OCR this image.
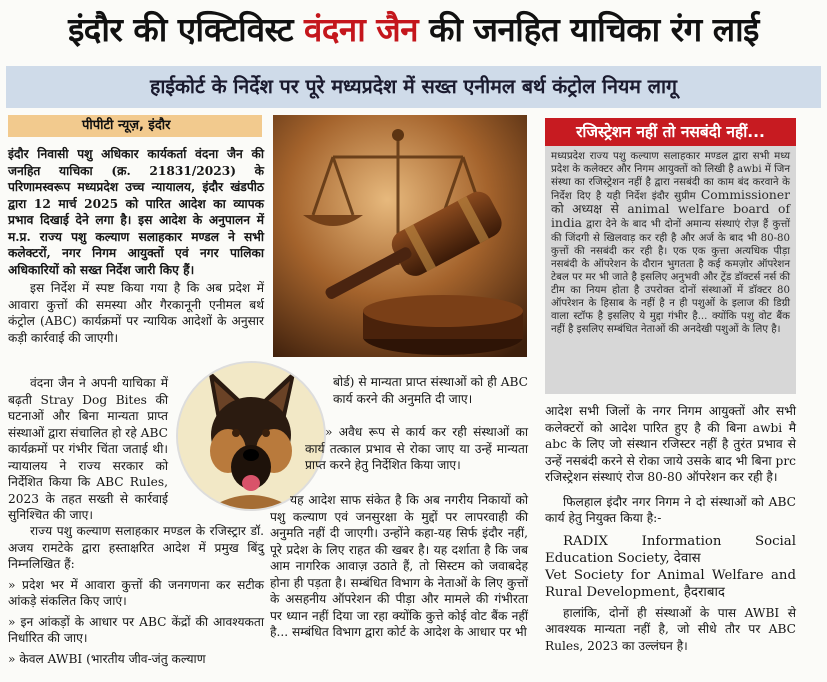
इंदौर की एक्टिविस्ट वंदना जैन की जनहित याचिका रंग लाई
हाईकोर्ट के निर्देश पर पूरे मध्यप्रदेश में सख्त एनीमल बर्थ कंट्रोल नियम लागू
पीपीटी न्यूज़, इंदौर

इंदौर निवासी पशु अधिकार कार्यकर्ता वंदना जैन की जनहित याचिका (क्र. 21831/2023) के परिणामस्वरूप मध्यप्रदेश उच्च न्यायालय, इंदौर खंडपीठ द्वारा 12 मार्च 2025 को पारित आदेश का व्यापक प्रभाव दिखाई देने लगा है। इस आदेश के अनुपालन में म.प्र. राज्य पशु कल्याण सलाहकार मण्डल ने सभी कलेक्टरों, नगर निगम आयुक्तों एवं नगर पालिका अधिकारियों को सख्त निर्देश जारी किए हैं।

इस निर्देश में स्पष्ट किया गया है कि अब प्रदेश में आवारा कुत्तों की समस्या और गैरकानूनी एनीमल बर्थ कंट्रोल (ABC) कार्यक्रमों पर न्यायिक आदेशों के अनुसार कड़ी कार्रवाई की जाएगी।

वंदना जैन ने अपनी याचिका में बढ़ती Stray Dog Bites की घटनाओं और बिना मान्यता प्राप्त संस्थाओं द्वारा संचालित हो रहे ABC कार्यक्रमों पर गंभीर चिंता जताई थी। न्यायालय ने राज्य सरकार को निर्देशित किया कि ABC Rules, 2023 के तहत सख्ती से कार्रवाई सुनिश्चित की जाए।

राज्य पशु कल्याण सलाहकार मण्डल के रजिस्ट्रार डॉ. अजय रामटेके द्वारा हस्ताक्षरित आदेश में प्रमुख बिंदु निम्नलिखित हैं:

» प्रदेश भर में आवारा कुत्तों की जनगणना कर सटीक आंकड़े संकलित किए जाएं।

» इन आंकड़ों के आधार पर ABC केंद्रों की आवश्यकता निर्धारित की जाए।

» केवल AWBI (भारतीय जीव-जंतु कल्याण

बोर्ड) से मान्यता प्राप्त संस्थाओं को ही ABC कार्य करने की अनुमति दी जाए।

» अवैध रूप से कार्य कर रही संस्थाओं का कार्य तत्काल प्रभाव से रोका जाए या उन्हें मान्यता प्राप्त करने हेतु निर्देशित किया जाए।

यह आदेश साफ संकेत है कि अब नगरीय निकायों को पशु कल्याण एवं जनसुरक्षा के मुद्दों पर लापरवाही की अनुमति नहीं दी जाएगी। उन्होंने कहा-यह सिर्फ इंदौर नहीं, पूरे प्रदेश के लिए राहत की खबर है। यह दर्शाता है कि जब आम नागरिक आवाज़ उठाते हैं, तो सिस्टम को जवाबदेह होना ही पड़ता है। सम्बंधित विभाग के नेताओं के लिए कुत्तों के असहनीय ऑपरेशन की पीड़ा और मामले की गंभीरता पर ध्यान नहीं दिया जा रहा क्योंकि कुत्ते कोई वोट बैंक नहीं है... सम्बंधित विभाग द्वारा कोर्ट के आदेश के आधार पर भी

रजिस्ट्रेशन नहीं तो नसबंदी नहीं...
मध्यप्रदेश राज्य पशु कल्याण सलाहकार मण्डल द्वारा सभी मध्य प्रदेश के कलेक्टर और निगम आयुक्तों को लिखी है awbi में जिन संस्था का रजिस्ट्रेशन नहीं है द्वारा नसबंदी का काम बंद करवाने के निर्देश दिए है यही निर्देश इंदौर सुप्रीम Commissioner को अध्यक्ष से animal welfare board of india द्वारा देने के बाद भी दोनों अमान्य संस्थाएं रोज़ हैं कुत्तों की जिंदगी से खिलवाड़ कर रही है और अर्ज के बाद भी 80-80 कुत्तों की नसबंदी कर रही है। एक एक कुत्ता अत्यधिक पीड़ा नसबंदी के ऑपरेशन के दौरान भुगतता है कई कमज़ोर ऑपरेशन टेबल पर मर भी जाते है इसलिए अनुभवी और ट्रेंड डॉक्टर्स नर्स की टीम का नियम होता है उपरोक्त दोनों संस्थाओं में डॉक्टर 80 ऑपरेशन के हिसाब के नहीं है न ही पशुओं के इलाज की डिग्री वाला स्टॉफ है इसलिए ये मुद्दा गंभीर है... क्योंकि पशु वोट बैंक नहीं है इसलिए सम्बंधित नेताओं की अनदेखी पशुओं के लिए है।

आदेश सभी जिलों के नगर निगम आयुक्तों और सभी कलेक्टरों को आदेश पारित हुए है की बिना awbi मै abc के लिए जो संस्थान रजिस्टर नहीं है तुरंत प्रभाव से उन्हें नसबंदी करने से रोका जाये उसके बाद भी बिना prc रजिस्ट्रेशन संस्थाएं रोज 80-80 ऑपरेशन कर रही है।

फिलहाल इंदौर नगर निगम ने दो संस्थाओं को ABC कार्य हेतु नियुक्त किया है:-

RADIX Information Social Education Society, देवास

Vet Society for Animal Welfare and Rural Development, हैदराबाद

हालांकि, दोनों ही संस्थाओं के पास AWBI से आवश्यक मान्यता नहीं है, जो सीधे तौर पर ABC Rules, 2023 का उल्लंघन है।
